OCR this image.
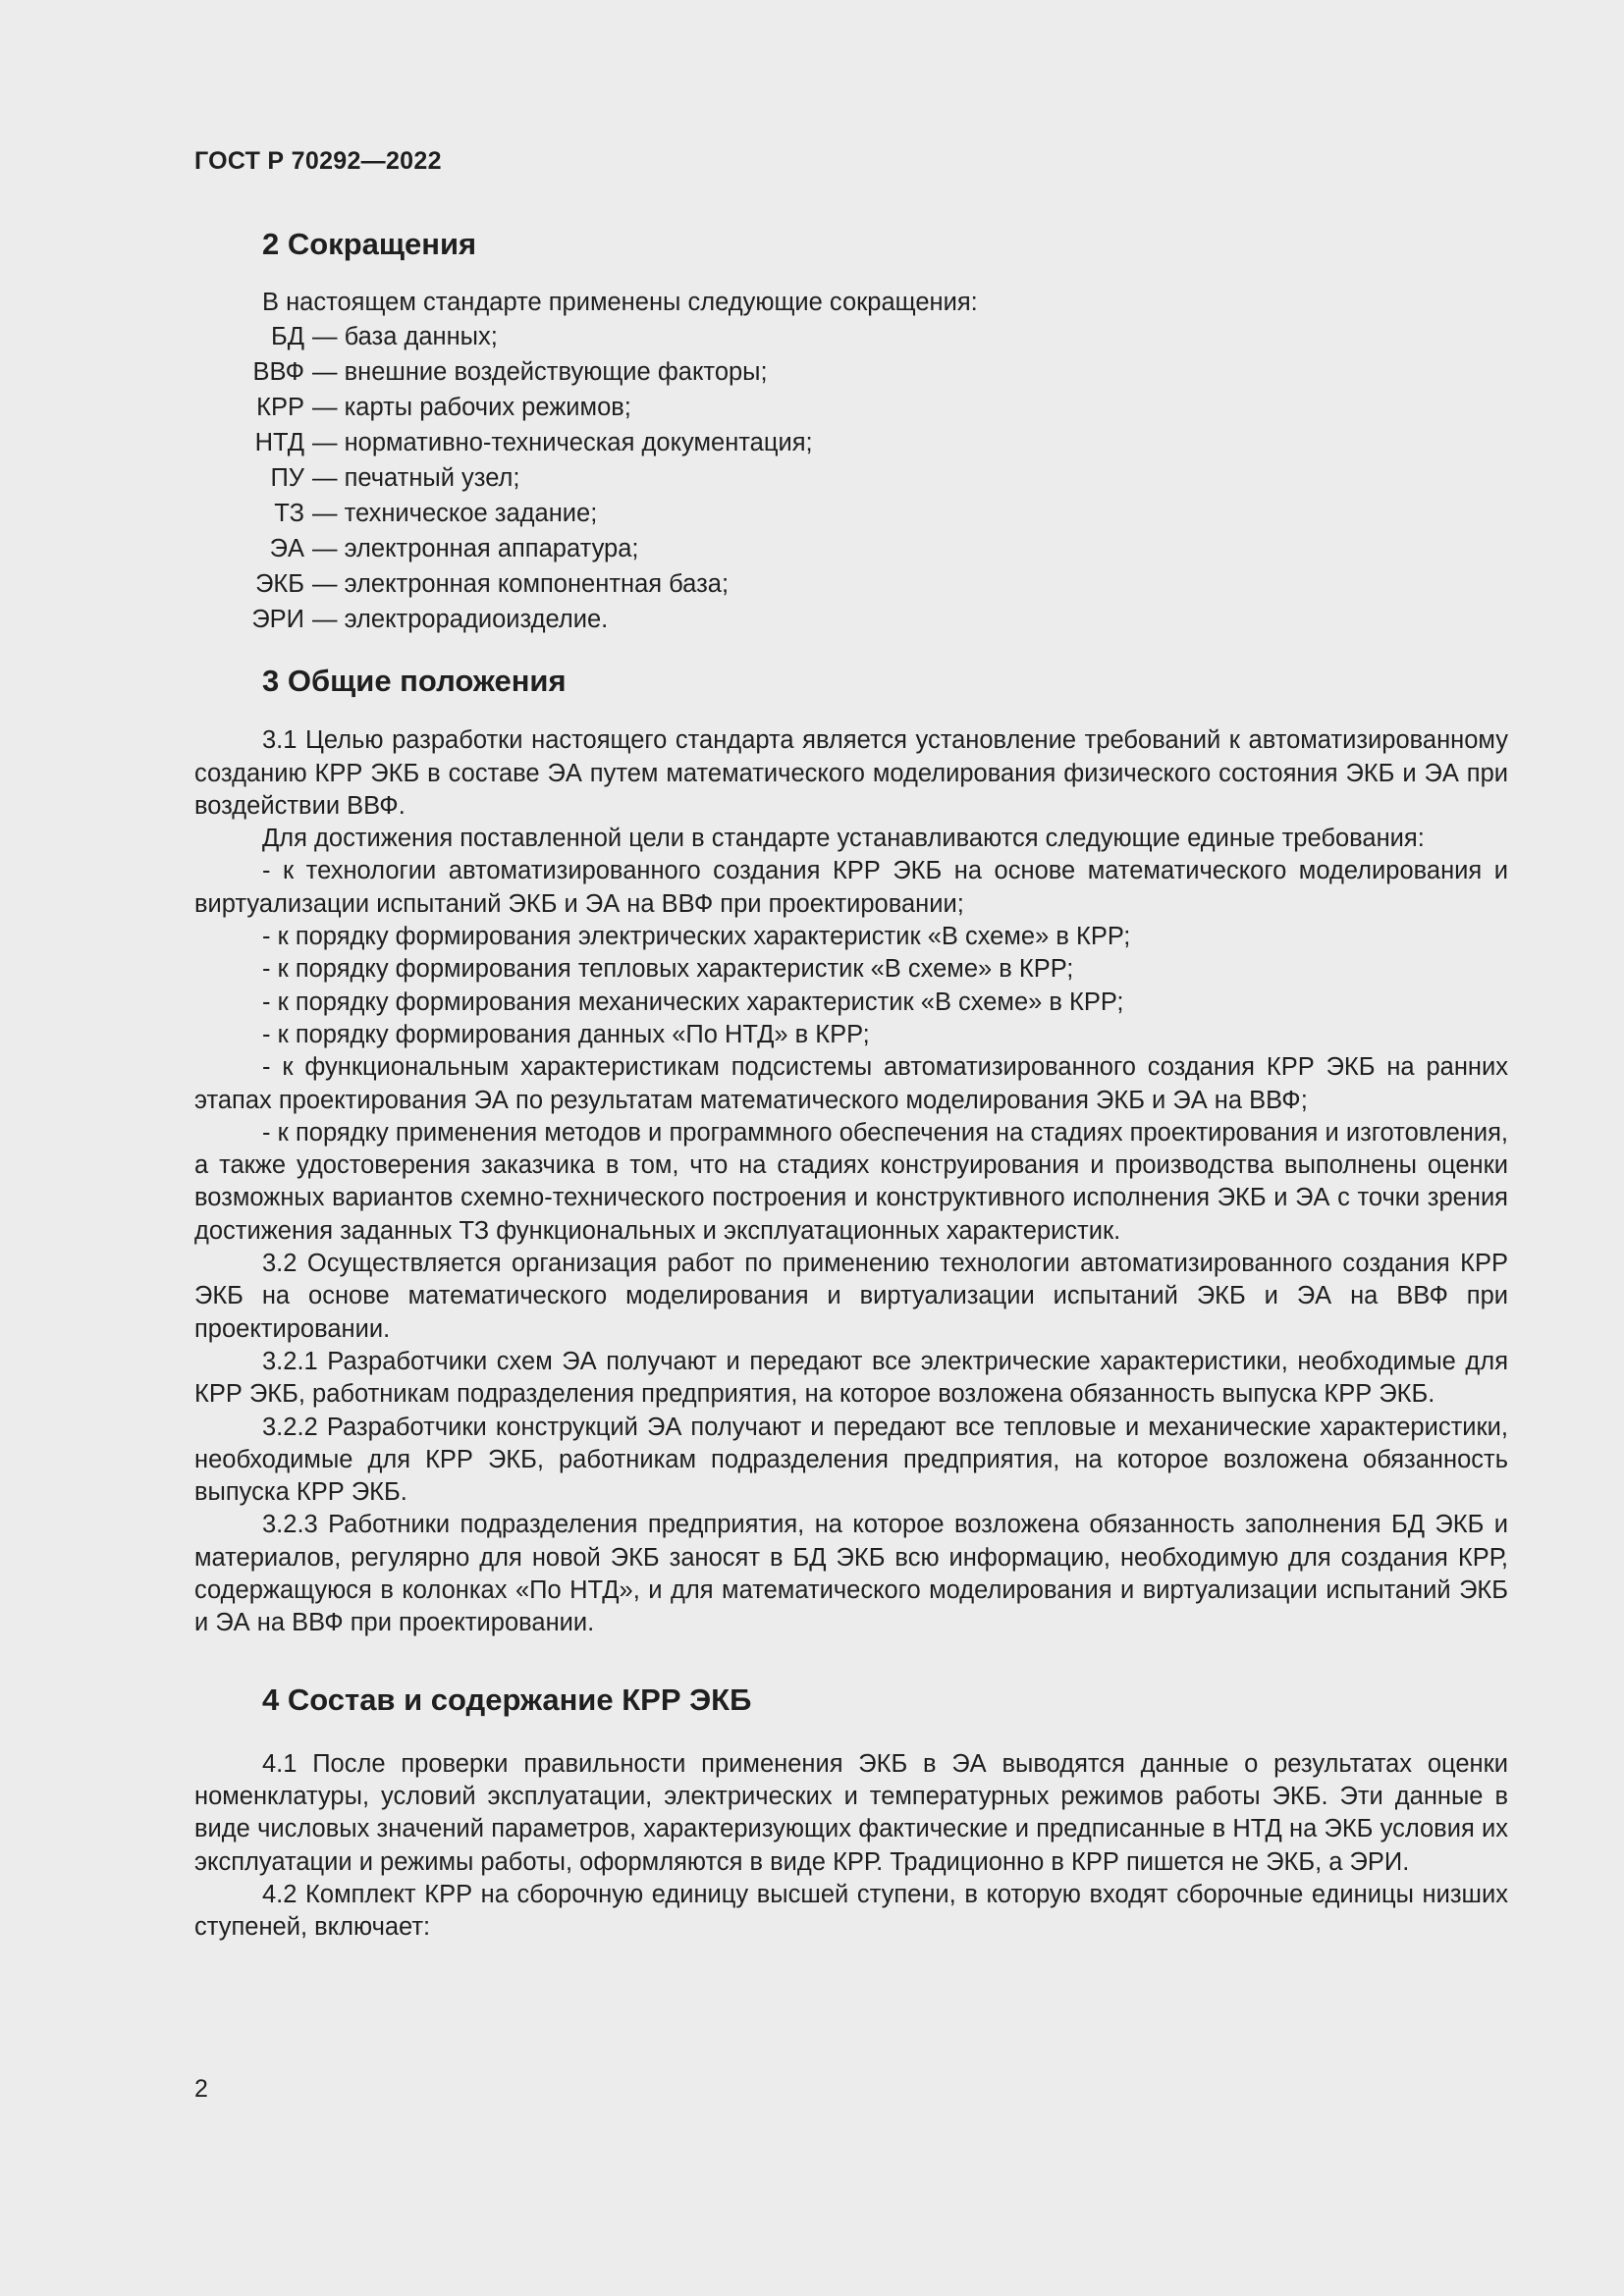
ГОСТ Р 70292—2022
2 Сокращения

В настоящем стандарте применены следующие сокращения:

БД — база данных;
ВВФ — внешние воздействующие факторы;
КРР — карты рабочих режимов;
НТД — нормативно-техническая документация;
ПУ — печатный узел;
ТЗ — техническое задание;
ЭА — электронная аппаратура;
ЭКБ — электронная компонентная база;
ЭРИ — электрорадиоизделие.
3 Общие положения

3.1 Целью разработки настоящего стандарта является установление требований к автоматизированному созданию КРР ЭКБ в составе ЭА путем математического моделирования физического состояния ЭКБ и ЭА при воздействии ВВФ.

Для достижения поставленной цели в стандарте устанавливаются следующие единые требования:

- к технологии автоматизированного создания КРР ЭКБ на основе математического моделирования и виртуализации испытаний ЭКБ и ЭА на ВВФ при проектировании;

- к порядку формирования электрических характеристик «В схеме» в КРР;

- к порядку формирования тепловых характеристик «В схеме» в КРР;

- к порядку формирования механических характеристик «В схеме» в КРР;

- к порядку формирования данных «По НТД» в КРР;

- к функциональным характеристикам подсистемы автоматизированного создания КРР ЭКБ на ранних этапах проектирования ЭА по результатам математического моделирования ЭКБ и ЭА на ВВФ;

- к порядку применения методов и программного обеспечения на стадиях проектирования и изготовления, а также удостоверения заказчика в том, что на стадиях конструирования и производства выполнены оценки возможных вариантов схемно-технического построения и конструктивного исполнения ЭКБ и ЭА с точки зрения достижения заданных ТЗ функциональных и эксплуатационных характеристик.

3.2 Осуществляется организация работ по применению технологии автоматизированного создания КРР ЭКБ на основе математического моделирования и виртуализации испытаний ЭКБ и ЭА на ВВФ при проектировании.

3.2.1 Разработчики схем ЭА получают и передают все электрические характеристики, необходимые для КРР ЭКБ, работникам подразделения предприятия, на которое возложена обязанность выпуска КРР ЭКБ.

3.2.2 Разработчики конструкций ЭА получают и передают все тепловые и механические характеристики, необходимые для КРР ЭКБ, работникам подразделения предприятия, на которое возложена обязанность выпуска КРР ЭКБ.

3.2.3 Работники подразделения предприятия, на которое возложена обязанность заполнения БД ЭКБ и материалов, регулярно для новой ЭКБ заносят в БД ЭКБ всю информацию, необходимую для создания КРР, содержащуюся в колонках «По НТД», и для математического моделирования и виртуализации испытаний ЭКБ и ЭА на ВВФ при проектировании.

4 Состав и содержание КРР ЭКБ

4.1 После проверки правильности применения ЭКБ в ЭА выводятся данные о результатах оценки номенклатуры, условий эксплуатации, электрических и температурных режимов работы ЭКБ. Эти данные в виде числовых значений параметров, характеризующих фактические и предписанные в НТД на ЭКБ условия их эксплуатации и режимы работы, оформляются в виде КРР. Традиционно в КРР пишется не ЭКБ, а ЭРИ.

4.2 Комплект КРР на сборочную единицу высшей ступени, в которую входят сборочные единицы низших ступеней, включает:

2
